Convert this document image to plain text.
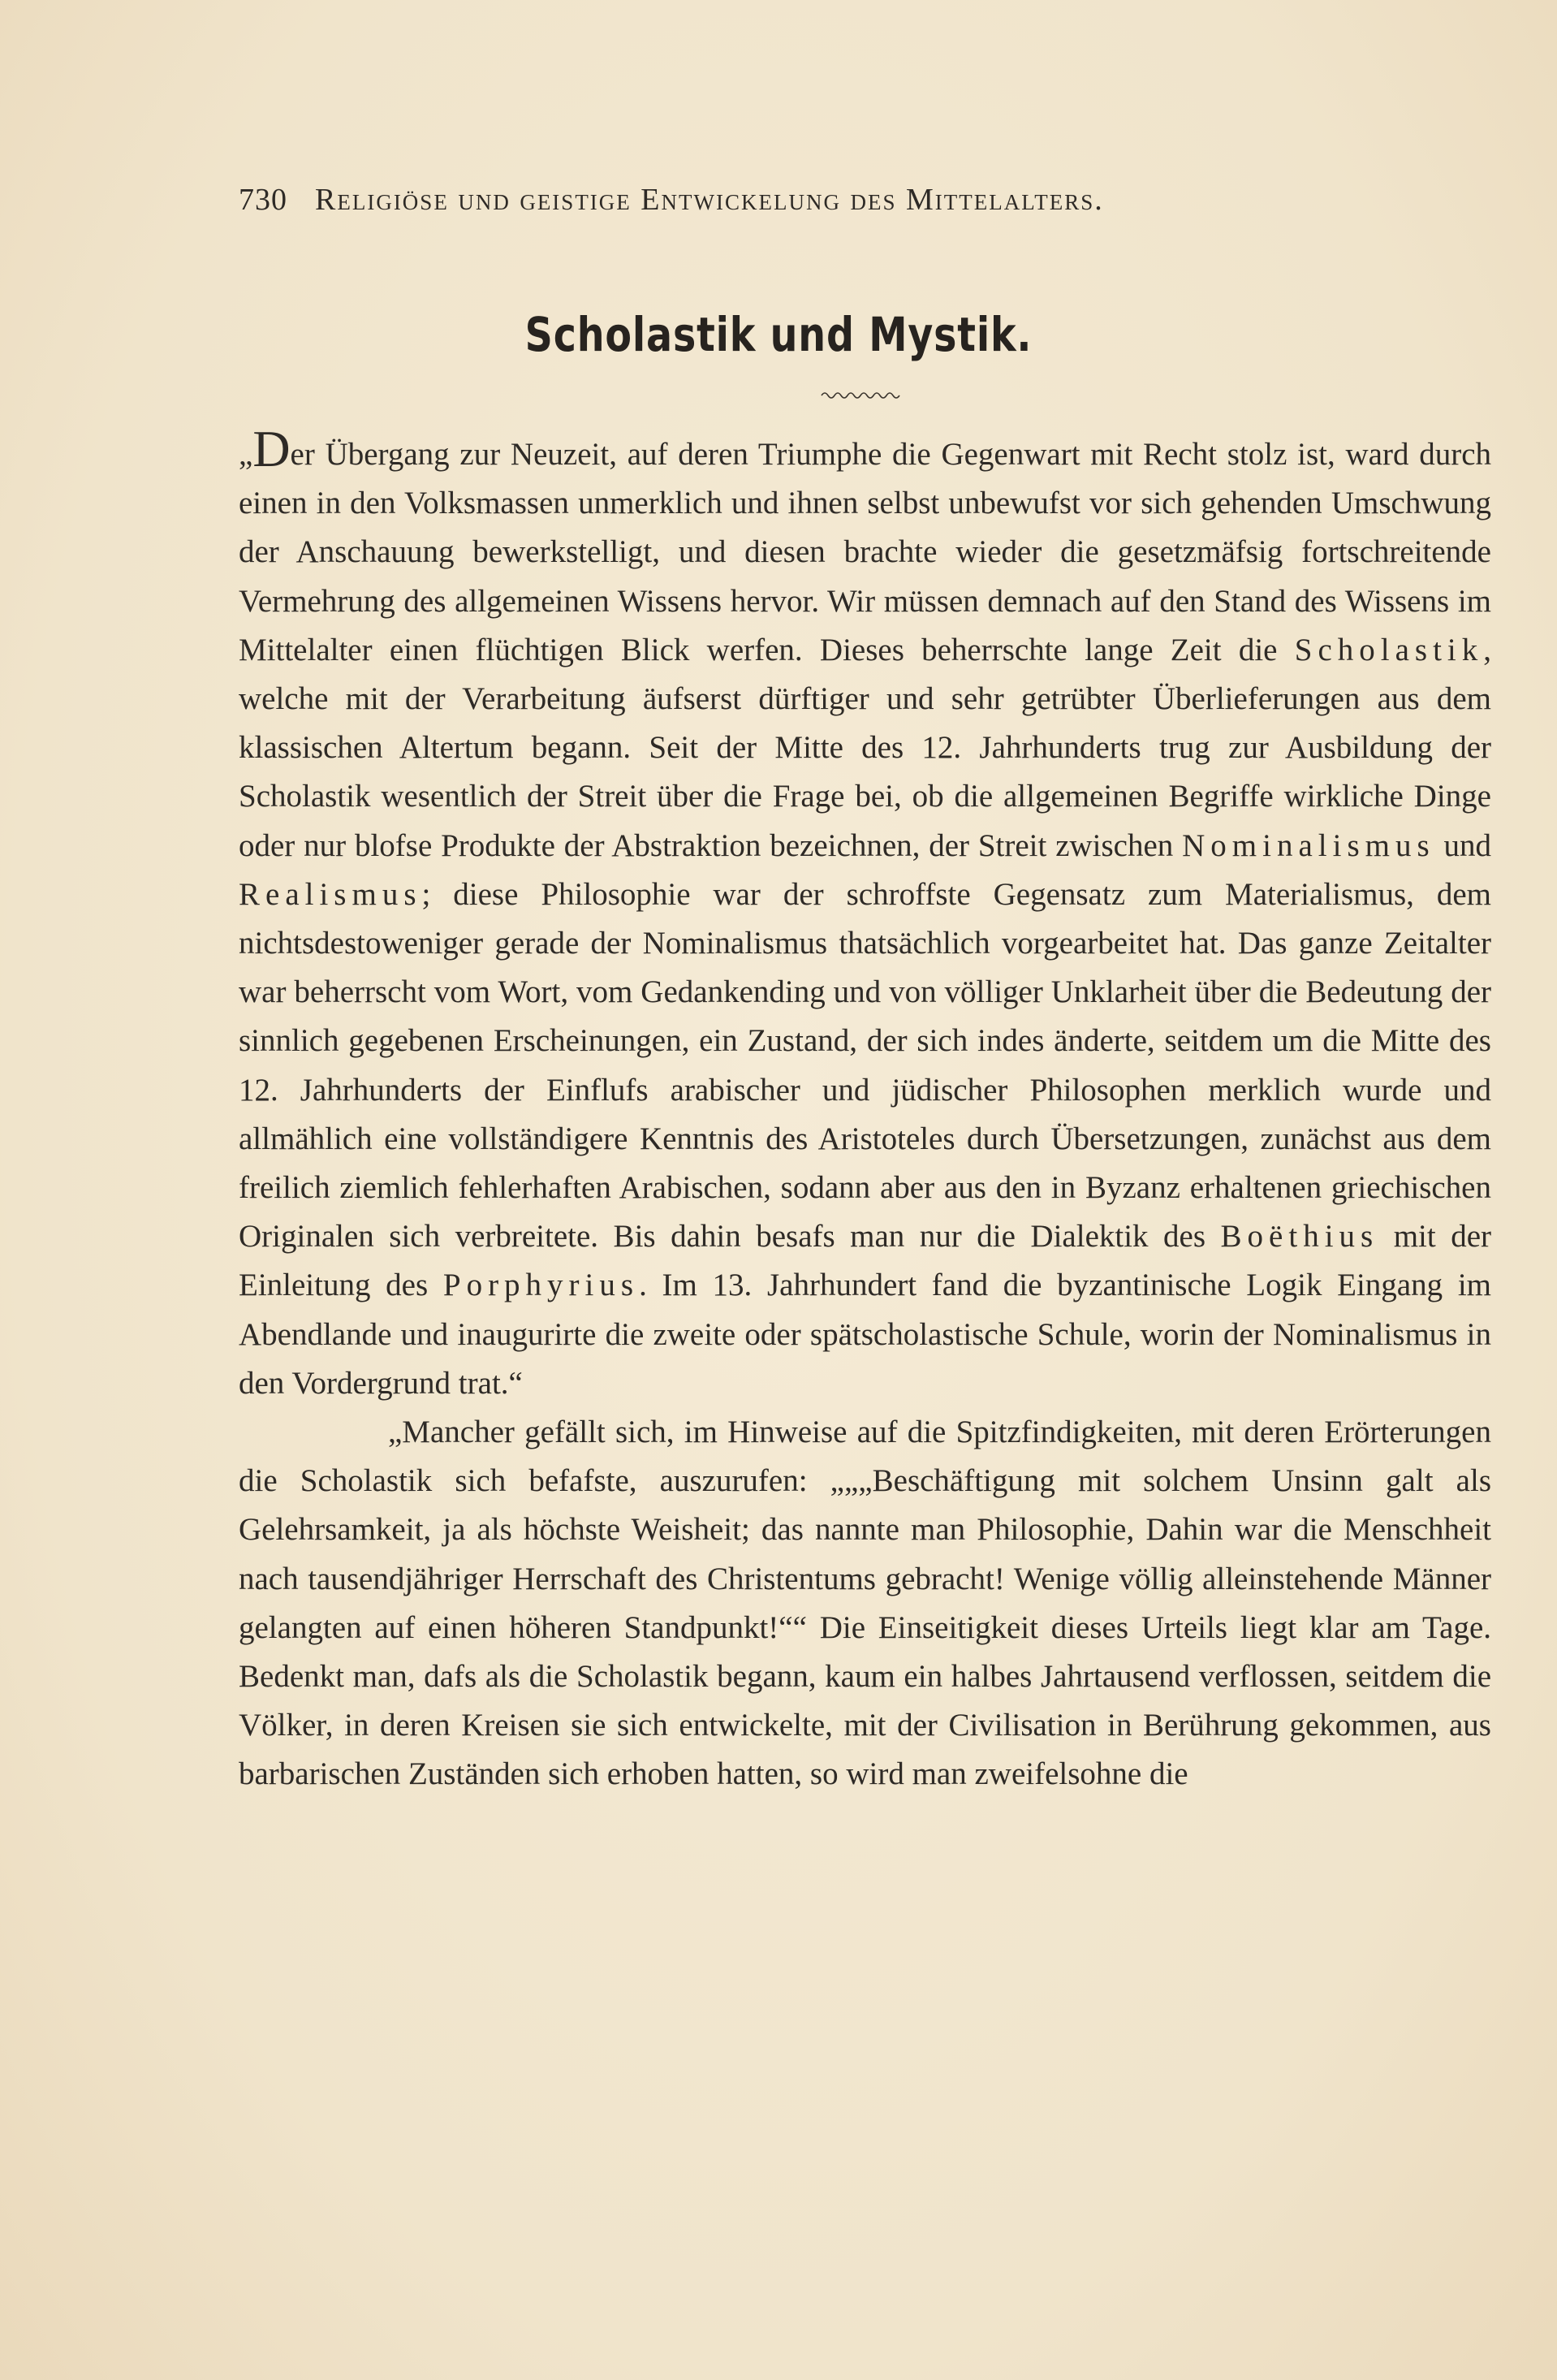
730 Religiöse und geistige Entwickelung des Mittelalters.
Scholastik und Mystik.

„Der Übergang zur Neuzeit, auf deren Triumphe die Gegenwart mit Recht stolz ist, ward durch einen in den Volksmassen unmerklich und ihnen selbst unbewufst vor sich gehenden Umschwung der Anschauung bewerkstelligt, und diesen brachte wieder die gesetzmäfsig fortschreitende Vermehrung des allgemeinen Wissens hervor. Wir müssen demnach auf den Stand des Wissens im Mittelalter einen flüchtigen Blick werfen. Dieses beherrschte lange Zeit die Scholastik, welche mit der Verarbeitung äufserst dürftiger und sehr getrübter Überlieferungen aus dem klassischen Altertum begann. Seit der Mitte des 12. Jahrhunderts trug zur Ausbildung der Scholastik wesentlich der Streit über die Frage bei, ob die allgemeinen Begriffe wirkliche Dinge oder nur blofse Produkte der Abstraktion bezeichnen, der Streit zwischen Nominalismus und Realismus; diese Philosophie war der schroffste Gegensatz zum Materialismus, dem nichtsdestoweniger gerade der Nominalismus thatsächlich vorgearbeitet hat. Das ganze Zeitalter war beherrscht vom Wort, vom Gedankending und von völliger Unklarheit über die Bedeutung der sinnlich gegebenen Erscheinungen, ein Zustand, der sich indes änderte, seitdem um die Mitte des 12. Jahrhunderts der Einflufs arabischer und jüdischer Philosophen merklich wurde und allmählich eine vollständigere Kenntnis des Aristoteles durch Übersetzungen, zunächst aus dem freilich ziemlich fehlerhaften Arabischen, sodann aber aus den in Byzanz erhaltenen griechischen Originalen sich verbreitete. Bis dahin besafs man nur die Dialektik des Boëthius mit der Einleitung des Porphyrius. Im 13. Jahrhundert fand die byzantinische Logik Eingang im Abendlande und inaugurirte die zweite oder spätscholastische Schule, worin der Nominalismus in den Vordergrund trat.“

„Mancher gefällt sich, im Hinweise auf die Spitzfindigkeiten, mit deren Erörterungen die Scholastik sich befafste, auszurufen: „„„Beschäftigung mit solchem Unsinn galt als Gelehrsamkeit, ja als höchste Weisheit; das nannte man Philosophie, Dahin war die Menschheit nach tausendjähriger Herrschaft des Christentums gebracht! Wenige völlig alleinstehende Männer gelangten auf einen höheren Standpunkt!““ Die Einseitigkeit dieses Urteils liegt klar am Tage. Bedenkt man, dafs als die Scholastik begann, kaum ein halbes Jahrtausend verflossen, seitdem die Völker, in deren Kreisen sie sich entwickelte, mit der Civilisation in Berührung gekommen, aus barbarischen Zuständen sich erhoben hatten, so wird man zweifelsohne die
